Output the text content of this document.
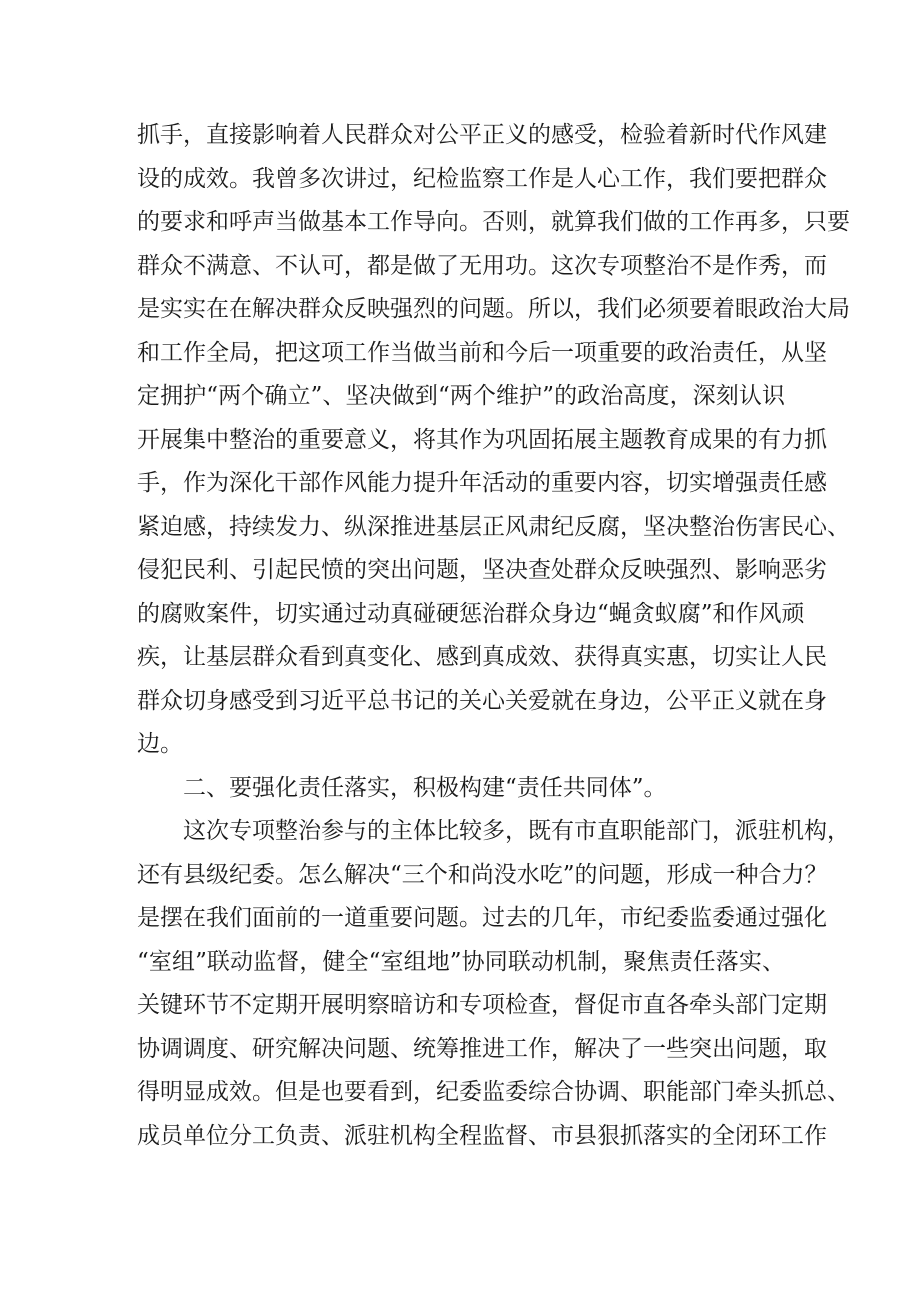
抓手，直接影响着人民群众对公平正义的感受，检验着新时代作风建
设的成效。我曾多次讲过，纪检监察工作是人心工作，我们要把群众
的要求和呼声当做基本工作导向。否则，就算我们做的工作再多，只要
群众不满意、不认可，都是做了无用功。这次专项整治不是作秀，而
是实实在在解决群众反映强烈的问题。所以，我们必须要着眼政治大局
和工作全局，把这项工作当做当前和今后一项重要的政治责任，从坚
定拥护“两个确立”、坚决做到“两个维护”的政治高度，深刻认识
开展集中整治的重要意义，将其作为巩固拓展主题教育成果的有力抓
手，作为深化干部作风能力提升年活动的重要内容，切实增强责任感
紧迫感，持续发力、纵深推进基层正风肃纪反腐，坚决整治伤害民心、
侵犯民利、引起民愤的突出问题，坚决查处群众反映强烈、影响恶劣
的腐败案件，切实通过动真碰硬惩治群众身边“蝇贪蚁腐”和作风顽
疾，让基层群众看到真变化、感到真成效、获得真实惠，切实让人民
群众切身感受到习近平总书记的关心关爱就在身边，公平正义就在身
边。
二、要强化责任落实，积极构建“责任共同体”。
这次专项整治参与的主体比较多，既有市直职能部门，派驻机构，
还有县级纪委。怎么解决“三个和尚没水吃”的问题，形成一种合力？
是摆在我们面前的一道重要问题。过去的几年，市纪委监委通过强化
“室组”联动监督，健全“室组地”协同联动机制，聚焦责任落实、
关键环节不定期开展明察暗访和专项检查，督促市直各牵头部门定期
协调调度、研究解决问题、统筹推进工作，解决了一些突出问题，取
得明显成效。但是也要看到，纪委监委综合协调、职能部门牵头抓总、
成员单位分工负责、派驻机构全程监督、市县狠抓落实的全闭环工作
